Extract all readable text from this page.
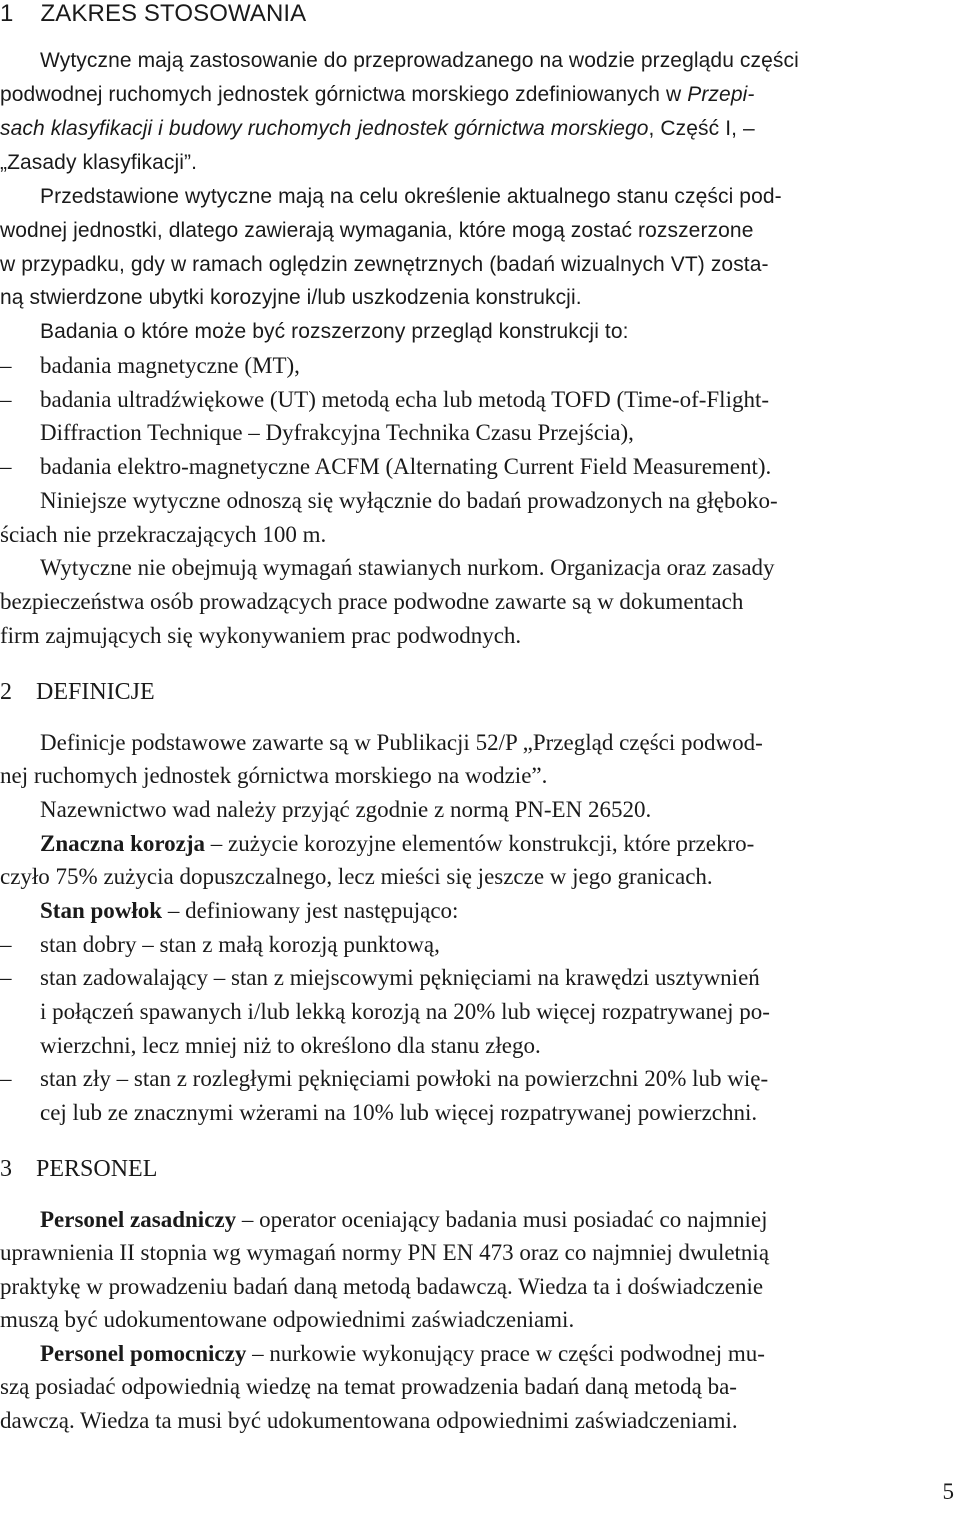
1 ZAKRES STOSOWANIA
Wytyczne mają zastosowanie do przeprowadzanego na wodzie przeglądu części
podwodnej ruchomych jednostek górnictwa morskiego zdefiniowanych w Przepi-
sach klasyfikacji i budowy ruchomych jednostek górnictwa morskiego, Część I, –
„Zasady klasyfikacji”.
Przedstawione wytyczne mają na celu określenie aktualnego stanu części pod-
wodnej jednostki, dlatego zawierają wymagania, które mogą zostać rozszerzone
w przypadku, gdy w ramach oględzin zewnętrznych (badań wizualnych VT) zosta-
ną stwierdzone ubytki korozyjne i/lub uszkodzenia konstrukcji.
Badania o które może być rozszerzony przegląd konstrukcji to:
– badania magnetyczne (MT),
– badania ultradźwiękowe (UT) metodą echa lub metodą TOFD (Time-of-Flight-
Diffraction Technique – Dyfrakcyjna Technika Czasu Przejścia),
– badania elektro-magnetyczne ACFM (Alternating Current Field Measurement).
Niniejsze wytyczne odnoszą się wyłącznie do badań prowadzonych na głęboko-
ściach nie przekraczających 100 m.
Wytyczne nie obejmują wymagań stawianych nurkom. Organizacja oraz zasady
bezpieczeństwa osób prowadzących prace podwodne zawarte są w dokumentach
firm zajmujących się wykonywaniem prac podwodnych.
2 DEFINICJE
Definicje podstawowe zawarte są w Publikacji 52/P „Przegląd części podwod-
nej ruchomych jednostek górnictwa morskiego na wodzie”.
Nazewnictwo wad należy przyjąć zgodnie z normą PN-EN 26520.
Znaczna korozja – zużycie korozyjne elementów konstrukcji, które przekro-
czyło 75% zużycia dopuszczalnego, lecz mieści się jeszcze w jego granicach.
Stan powłok – definiowany jest następująco:
– stan dobry – stan z małą korozją punktową,
– stan zadowalający – stan z miejscowymi pęknięciami na krawędzi usztywnień
i połączeń spawanych i/lub lekką korozją na 20% lub więcej rozpatrywanej po-
wierzchni, lecz mniej niż to określono dla stanu złego.
– stan zły – stan z rozległymi pęknięciami powłoki na powierzchni 20% lub wię-
cej lub ze znacznymi wżerami na 10% lub więcej rozpatrywanej powierzchni.
3 PERSONEL
Personel zasadniczy – operator oceniający badania musi posiadać co najmniej
uprawnienia II stopnia wg wymagań normy PN EN 473 oraz co najmniej dwuletnią
praktykę w prowadzeniu badań daną metodą badawczą. Wiedza ta i doświadczenie
muszą być udokumentowane odpowiednimi zaświadczeniami.
Personel pomocniczy – nurkowie wykonujący prace w części podwodnej mu-
szą posiadać odpowiednią wiedzę na temat prowadzenia badań daną metodą ba-
dawczą. Wiedza ta musi być udokumentowana odpowiednimi zaświadczeniami.
5
